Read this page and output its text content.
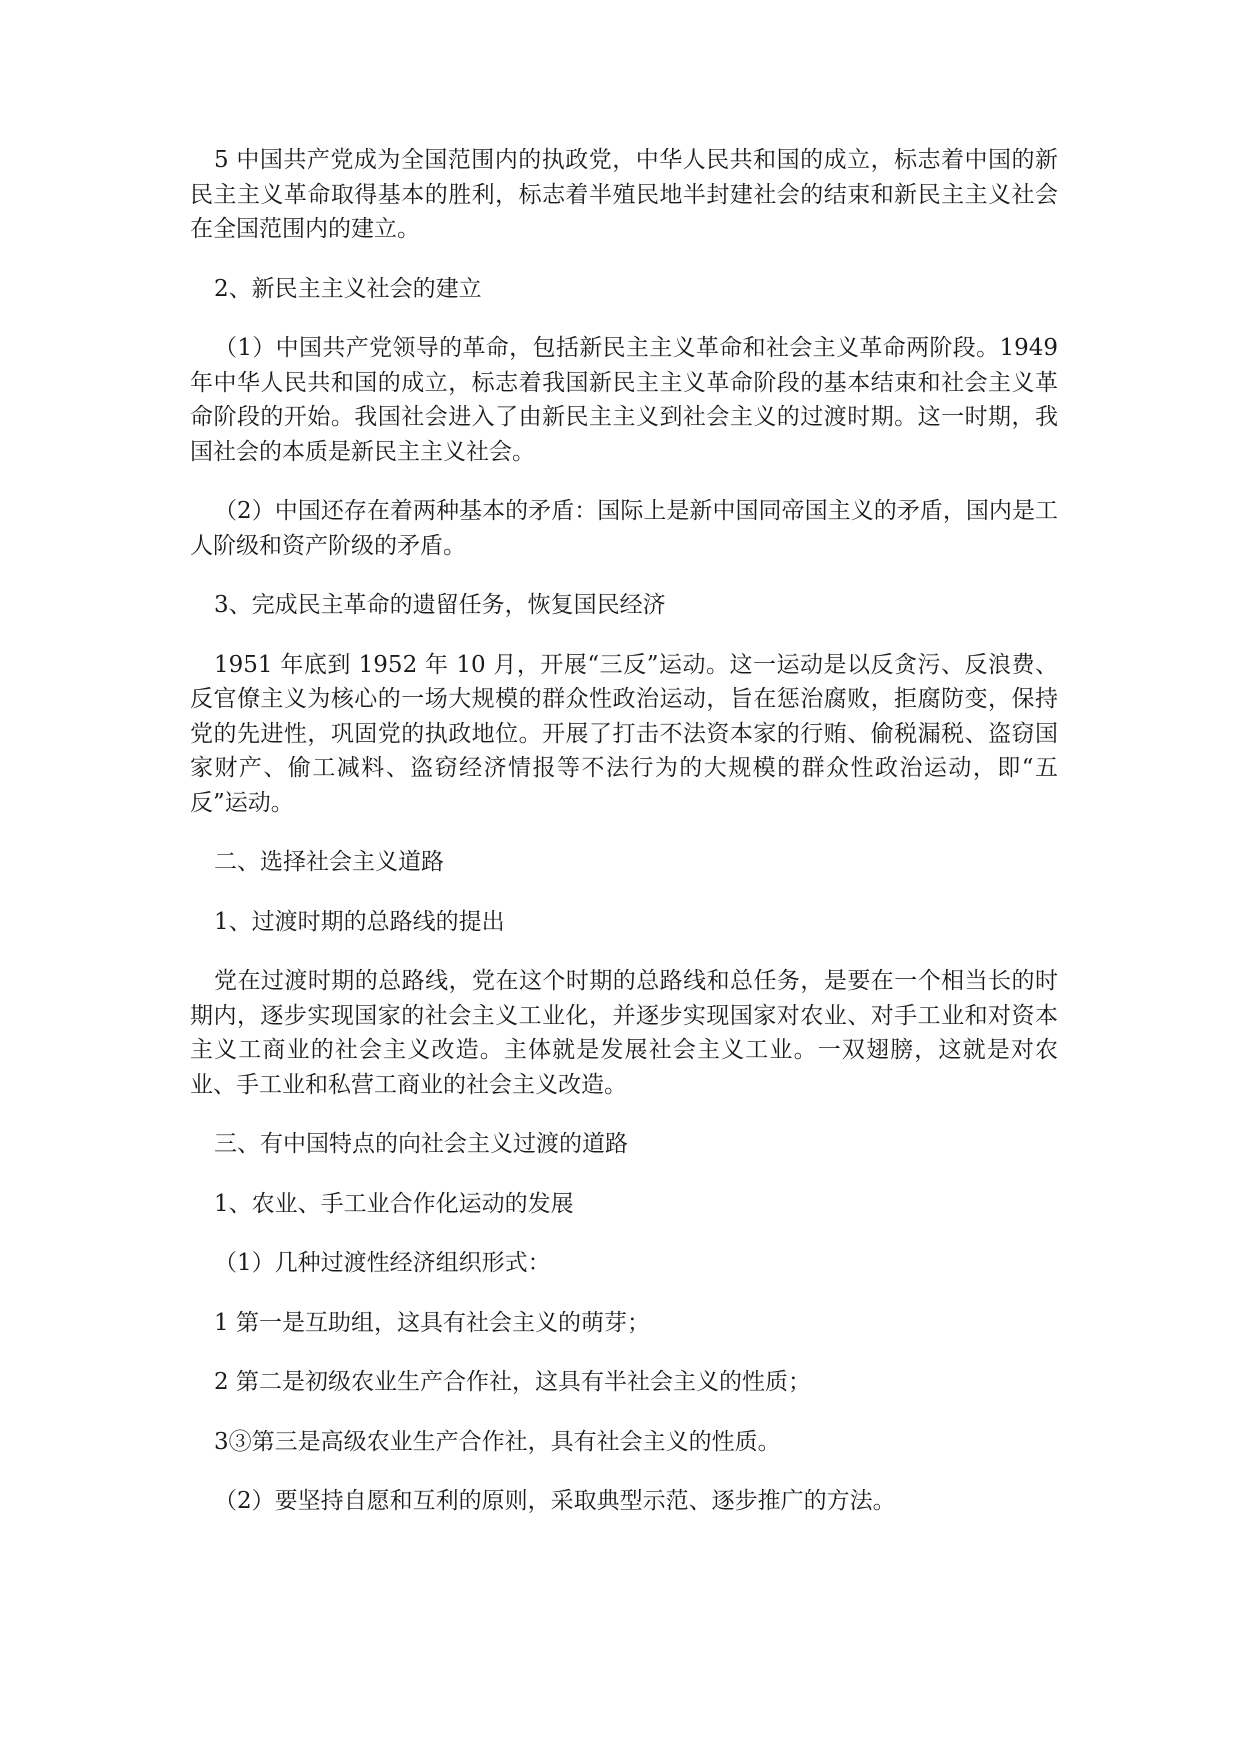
5 中国共产党成为全国范围内的执政党，中华人民共和国的成立，标志着中国的新民主主义革命取得基本的胜利，标志着半殖民地半封建社会的结束和新民主主义社会在全国范围内的建立。

2、新民主主义社会的建立

（1）中国共产党领导的革命，包括新民主主义革命和社会主义革命两阶段。1949 年中华人民共和国的成立，标志着我国新民主主义革命阶段的基本结束和社会主义革命阶段的开始。我国社会进入了由新民主主义到社会主义的过渡时期。这一时期，我国社会的本质是新民主主义社会。

（2）中国还存在着两种基本的矛盾：国际上是新中国同帝国主义的矛盾，国内是工人阶级和资产阶级的矛盾。

3、完成民主革命的遗留任务，恢复国民经济

1951 年底到 1952 年 10 月，开展“三反”运动。这一运动是以反贪污、反浪费、反官僚主义为核心的一场大规模的群众性政治运动，旨在惩治腐败，拒腐防变，保持党的先进性，巩固党的执政地位。开展了打击不法资本家的行贿、偷税漏税、盗窃国家财产、偷工减料、盗窃经济情报等不法行为的大规模的群众性政治运动，即“五反”运动。

二、选择社会主义道路

1、过渡时期的总路线的提出

党在过渡时期的总路线，党在这个时期的总路线和总任务，是要在一个相当长的时期内，逐步实现国家的社会主义工业化，并逐步实现国家对农业、对手工业和对资本主义工商业的社会主义改造。主体就是发展社会主义工业。一双翅膀，这就是对农业、手工业和私营工商业的社会主义改造。

三、有中国特点的向社会主义过渡的道路

1、农业、手工业合作化运动的发展

（1）几种过渡性经济组织形式：

1 第一是互助组，这具有社会主义的萌芽；

2 第二是初级农业生产合作社，这具有半社会主义的性质；

3③第三是高级农业生产合作社，具有社会主义的性质。

（2）要坚持自愿和互利的原则，采取典型示范、逐步推广的方法。
